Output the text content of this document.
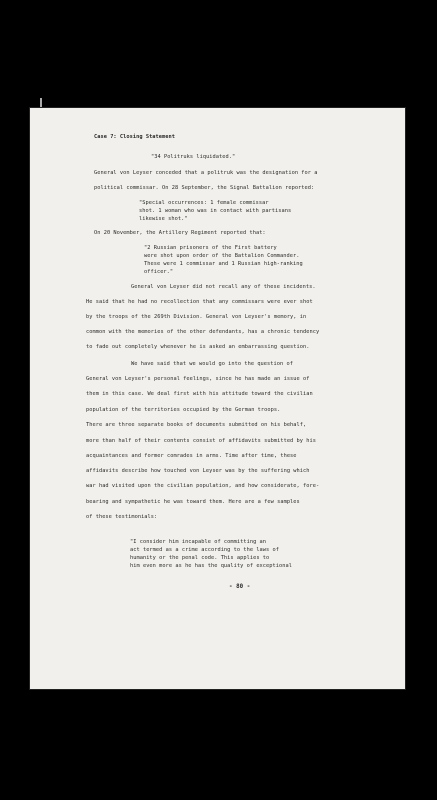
Case 7: Closing Statement
"34 Politruks liquidated."
General von Leyser conceded that a politruk was the designation for a
political commissar. On 28 September, the Signal Battalion reported:
"Special occurrences: 1 female commissar
shot. 1 woman who was in contact with partisans
likewise shot."
On 20 November, the Artillery Regiment reported that:
"2 Russian prisoners of the First battery
were shot upon order of the Battalion Commander.
These were 1 commissar and 1 Russian high-ranking
officer."
General von Leyser did not recall any of these incidents.
He said that he had no recollection that any commissars were ever shot
by the troops of the 269th Division. General von Leyser's memory, in
common with the memories of the other defendants, has a chronic tendency
to fade out completely whenever he is asked an embarrassing question.
We have said that we would go into the question of
General von Leyser's personal feelings, since he has made an issue of
them in this case. We deal first with his attitude toward the civilian
population of the territories occupied by the German troops.
There are three separate books of documents submitted on his behalf,
more than half of their contents consist of affidavits submitted by his
acquaintances and former comrades in arms. Time after time, these
affidavits describe how touched von Leyser was by the suffering which
war had visited upon the civilian population, and how considerate, fore-
bearing and sympathetic he was toward them. Here are a few samples
of these testimonials:
"I consider him incapable of committing an
act termed as a crime according to the laws of
humanity or the penal code. This applies to
him even more as he has the quality of exceptional
- 80 -
